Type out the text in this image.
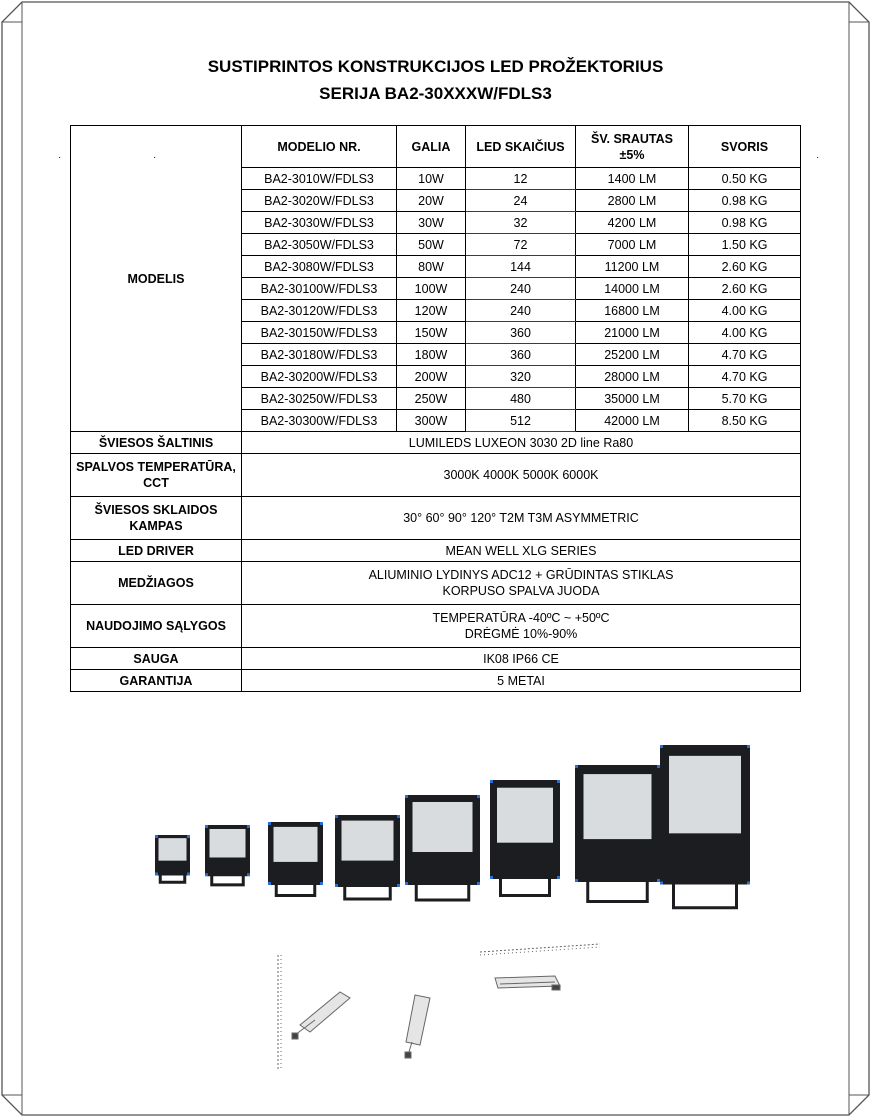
SUSTIPRINTOS KONSTRUKCIJOS LED PROŽEKTORIUS
SERIJA BA2-30XXXW/FDLS3
·	·	·
MODELIS	MODELIO NR.	GALIA	LED SKAIČIUS	ŠV. SRAUTAS ±5%	SVORIS
	BA2-3010W/FDLS3	10W	12	1400 LM	0.50 KG
	BA2-3020W/FDLS3	20W	24	2800 LM	0.98 KG
	BA2-3030W/FDLS3	30W	32	4200 LM	0.98 KG
	BA2-3050W/FDLS3	50W	72	7000 LM	1.50 KG
	BA2-3080W/FDLS3	80W	144	11200 LM	2.60 KG
	BA2-30100W/FDLS3	100W	240	14000 LM	2.60 KG
	BA2-30120W/FDLS3	120W	240	16800 LM	4.00 KG
	BA2-30150W/FDLS3	150W	360	21000 LM	4.00 KG
	BA2-30180W/FDLS3	180W	360	25200 LM	4.70 KG
	BA2-30200W/FDLS3	200W	320	28000 LM	4.70 KG
	BA2-30250W/FDLS3	250W	480	35000 LM	5.70 KG
	BA2-30300W/FDLS3	300W	512	42000 LM	8.50 KG
ŠVIESOS ŠALTINIS	LUMILEDS LUXEON 3030 2D line Ra80				

SPALVOS TEMPERATŪRA, CCT	3000K 4000K 5000K 6000K				

ŠVIESOS SKLAIDOS KAMPAS	30° 60° 90° 120° T2M T3M ASYMMETRIC				

LED DRIVER	MEAN WELL XLG SERIES				

MEDŽIAGOS	ALIUMINIO LYDINYS ADC12 + GRŪDINTAS STIKLAS
KORPUSO SPALVA JUODA				

NAUDOJIMO SĄLYGOS	TEMPERATŪRA -40ºC ~ +50ºC
DRĖGMĖ 10%-90%				

SAUGA	IK08 IP66 CE				

GARANTIJA	5 METAI				
